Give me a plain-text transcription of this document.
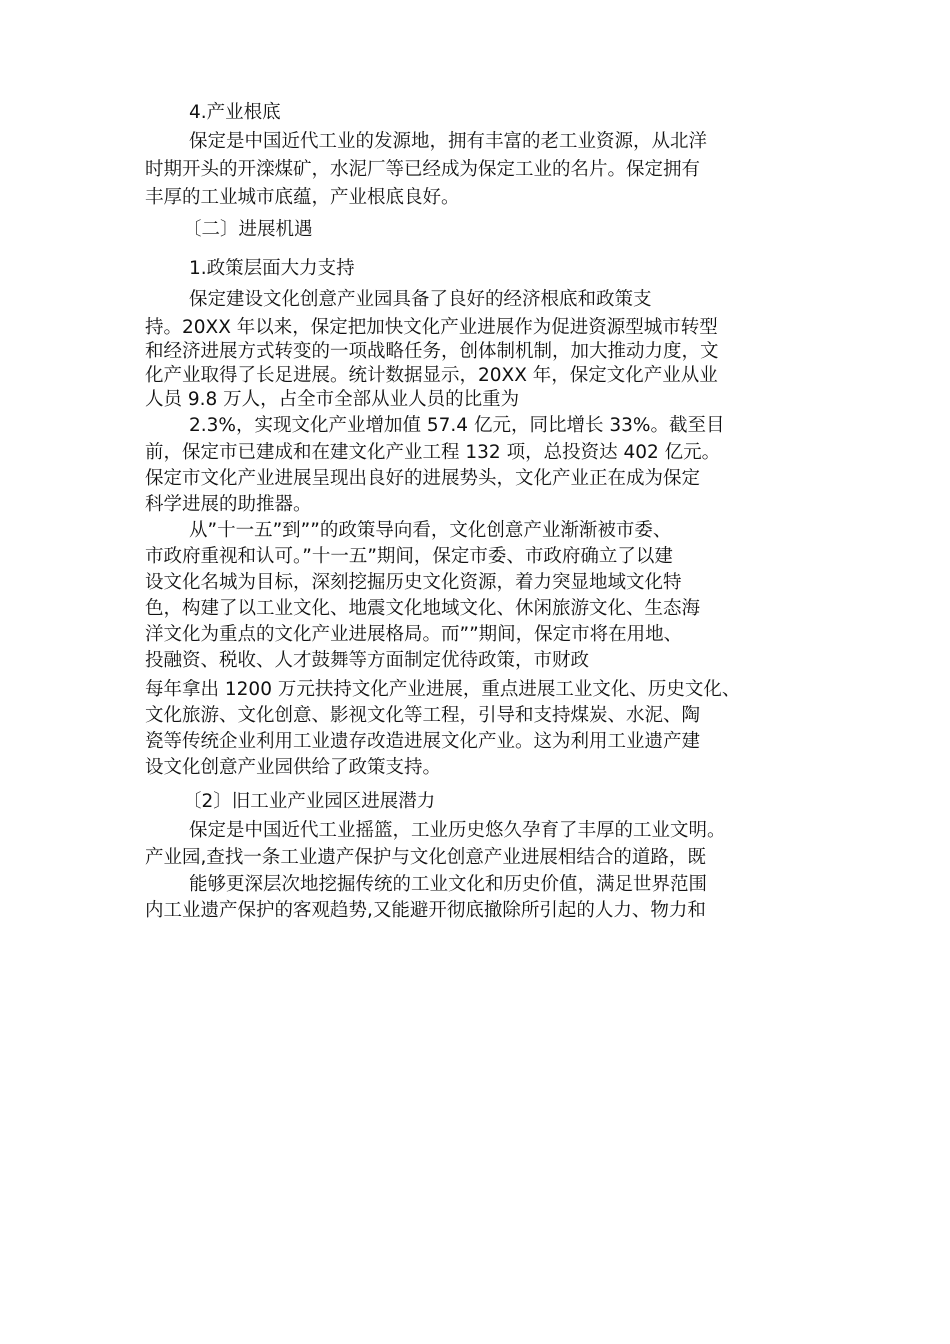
4.产业根底
保定是中国近代工业的发源地，拥有丰富的老工业资源，从北洋
时期开头的开滦煤矿，水泥厂等已经成为保定工业的名片。保定拥有
丰厚的工业城市底蕴，产业根底良好。
〔二〕进展机遇
1.政策层面大力支持
保定建设文化创意产业园具备了良好的经济根底和政策支
持。20XX 年以来，保定把加快文化产业进展作为促进资源型城市转型
和经济进展方式转变的一项战略任务，创体制机制，加大推动力度，文
化产业取得了长足进展。统计数据显示，20XX 年，保定文化产业从业
人员 9.8 万人，占全市全部从业人员的比重为
2.3%，实现文化产业增加值 57.4 亿元，同比增长 33%。截至目
前，保定市已建成和在建文化产业工程 132 项，总投资达 402 亿元。
保定市文化产业进展呈现出良好的进展势头，文化产业正在成为保定
科学进展的助推器。
从”十一五”到””的政策导向看，文化创意产业渐渐被市委、
市政府重视和认可。”十一五”期间，保定市委、市政府确立了以建
设文化名城为目标，深刻挖掘历史文化资源，着力突显地域文化特
色，构建了以工业文化、地震文化地域文化、休闲旅游文化、生态海
洋文化为重点的文化产业进展格局。而””期间，保定市将在用地、
投融资、税收、人才鼓舞等方面制定优待政策，市财政
每年拿出 1200 万元扶持文化产业进展，重点进展工业文化、历史文化、
文化旅游、文化创意、影视文化等工程，引导和支持煤炭、水泥、陶
瓷等传统企业利用工业遗存改造进展文化产业。这为利用工业遗产建
设文化创意产业园供给了政策支持。
〔2〕旧工业产业园区进展潜力
保定是中国近代工业摇篮，工业历史悠久孕育了丰厚的工业文明。
产业园,查找一条工业遗产保护与文化创意产业进展相结合的道路，既
能够更深层次地挖掘传统的工业文化和历史价值，满足世界范围
内工业遗产保护的客观趋势,又能避开彻底撤除所引起的人力、物力和
